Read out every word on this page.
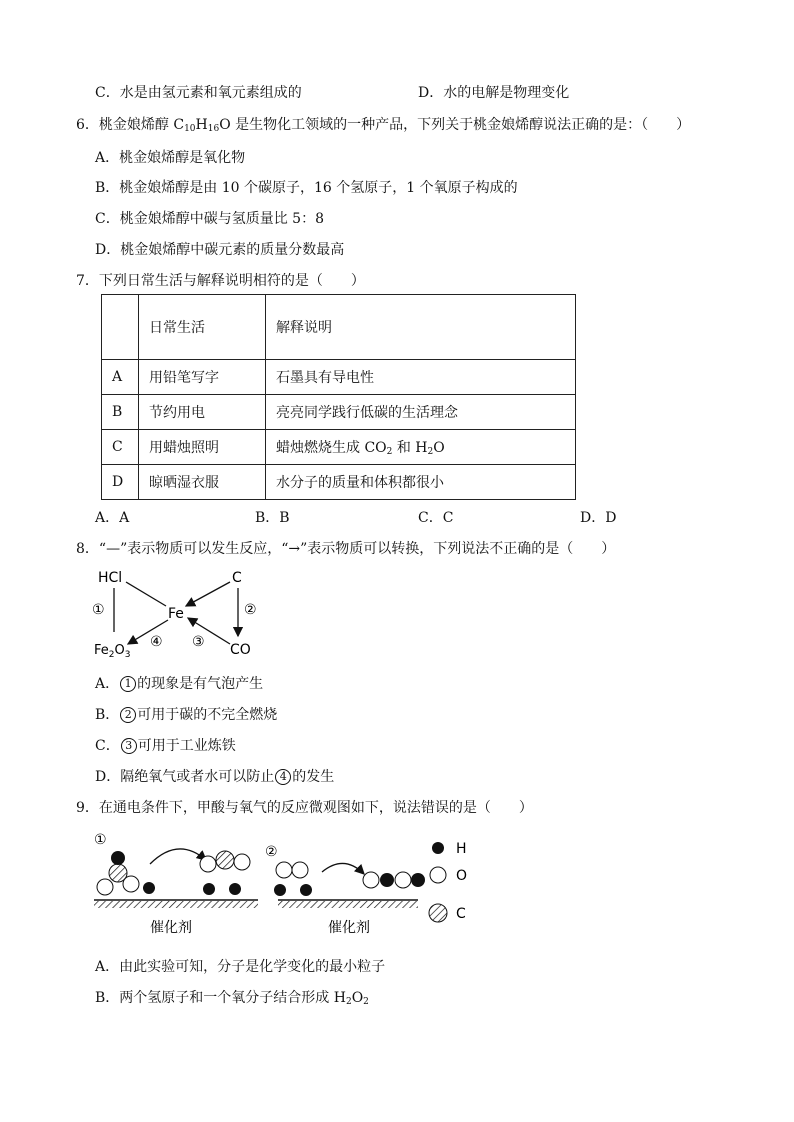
C．水是由氢元素和氧元素组成的	D．水的电解是物理变化
6．桃金娘烯醇 $C_{10}H_{16}O$ 是生物化工领域的一种产品，下列关于桃金娘烯醇说法正确的是：（　　）
A．桃金娘烯醇是氧化物
B．桃金娘烯醇是由 10 个碳原子，16 个氢原子，1 个氧原子构成的
C．桃金娘烯醇中碳与氢质量比 5：8
D．桃金娘烯醇中碳元素的质量分数最高
7．下列日常生活与解释说明相符的是（　　）
	日常生活	解释说明
A	用铅笔写字	石墨具有导电性
B	节约用电	亮亮同学践行低碳的生活理念
C	用蜡烛照明	蜡烛燃烧生成 $CO_2$ 和 $H_2O$
D	晾晒湿衣服	水分子的质量和体积都很小
A．A	B．B	C．C	D．D
8．“—”表示物质可以发生反应，“→”表示物质可以转换，下列说法不正确的是（　　）
HCl	C
Fe
$Fe_2O_3$	CO
①	②
③
④
A． 1 的现象是有气泡产生
B． 2 可用于碳的不完全燃烧
C． 3 可用于工业炼铁
D．隔绝氧气或者水可以防止 4 的发生
9．在通电条件下，甲酸与氧气的反应微观图如下，说法错误的是（　　）
①
催化剂
②
催化剂
H
O
C
A．由此实验可知，分子是化学变化的最小粒子
B．两个氢原子和一个氧分子结合形成 $H_2O_2$
